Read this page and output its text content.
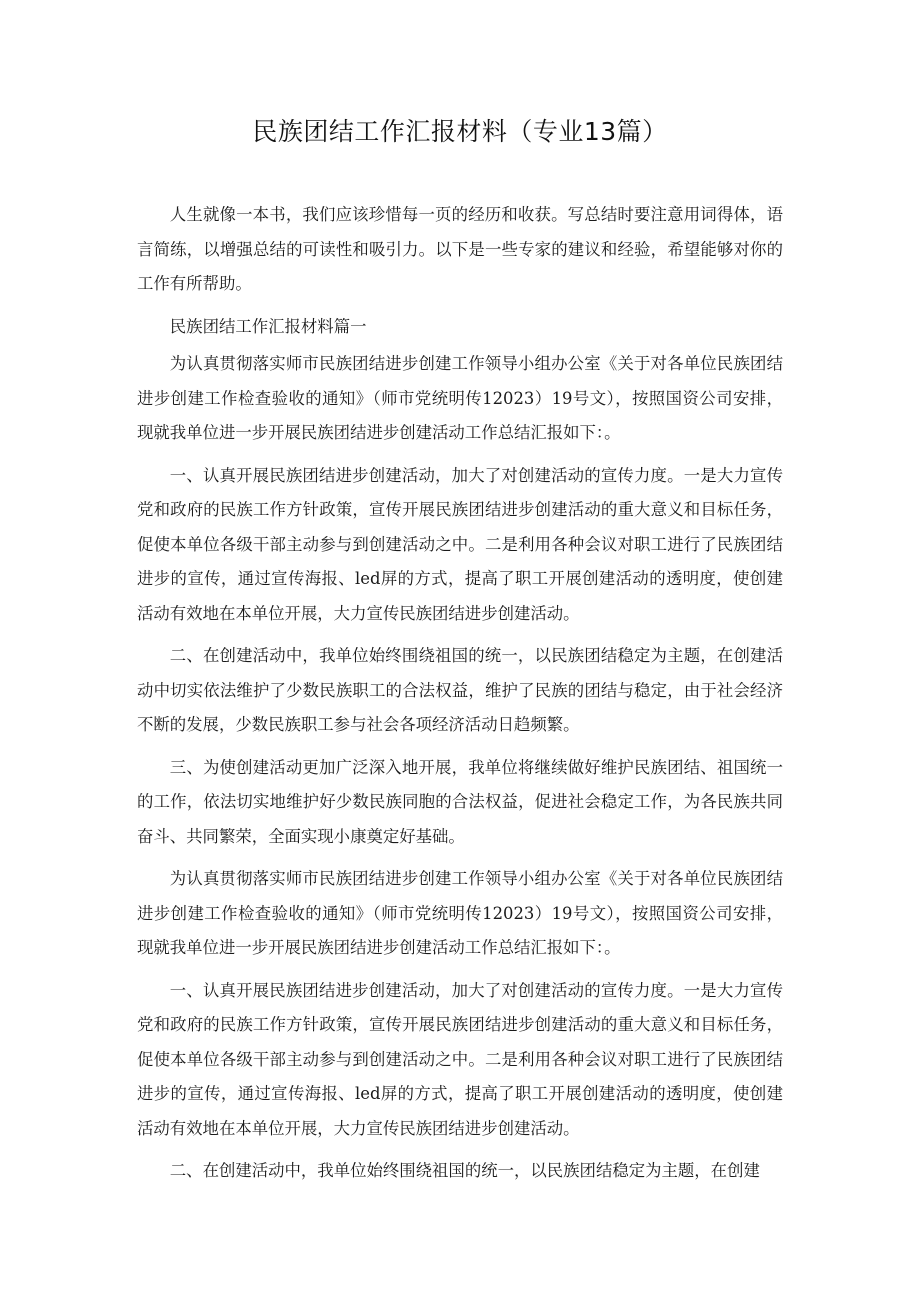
民族团结工作汇报材料（专业13篇）

人生就像一本书，我们应该珍惜每一页的经历和收获。写总结时要注意用词得体，语言简练，以增强总结的可读性和吸引力。以下是一些专家的建议和经验，希望能够对你的工作有所帮助。

民族团结工作汇报材料篇一

为认真贯彻落实师市民族团结进步创建工作领导小组办公室《关于对各单位民族团结进步创建工作检查验收的通知》（师市党统明传12023）19号文），按照国资公司安排，现就我单位进一步开展民族团结进步创建活动工作总结汇报如下：。

一、认真开展民族团结进步创建活动，加大了对创建活动的宣传力度。一是大力宣传党和政府的民族工作方针政策，宣传开展民族团结进步创建活动的重大意义和目标任务，促使本单位各级干部主动参与到创建活动之中。二是利用各种会议对职工进行了民族团结进步的宣传，通过宣传海报、led屏的方式，提高了职工开展创建活动的透明度，使创建活动有效地在本单位开展，大力宣传民族团结进步创建活动。

二、在创建活动中，我单位始终围绕祖国的统一，以民族团结稳定为主题，在创建活动中切实依法维护了少数民族职工的合法权益，维护了民族的团结与稳定，由于社会经济不断的发展，少数民族职工参与社会各项经济活动日趋频繁。

三、为使创建活动更加广泛深入地开展，我单位将继续做好维护民族团结、祖国统一的工作，依法切实地维护好少数民族同胞的合法权益，促进社会稳定工作，为各民族共同奋斗、共同繁荣，全面实现小康奠定好基础。

为认真贯彻落实师市民族团结进步创建工作领导小组办公室《关于对各单位民族团结进步创建工作检查验收的通知》（师市党统明传12023）19号文），按照国资公司安排，现就我单位进一步开展民族团结进步创建活动工作总结汇报如下：。

一、认真开展民族团结进步创建活动，加大了对创建活动的宣传力度。一是大力宣传党和政府的民族工作方针政策，宣传开展民族团结进步创建活动的重大意义和目标任务，促使本单位各级干部主动参与到创建活动之中。二是利用各种会议对职工进行了民族团结进步的宣传，通过宣传海报、led屏的方式，提高了职工开展创建活动的透明度，使创建活动有效地在本单位开展，大力宣传民族团结进步创建活动。

二、在创建活动中，我单位始终围绕祖国的统一，以民族团结稳定为主题，在创建
